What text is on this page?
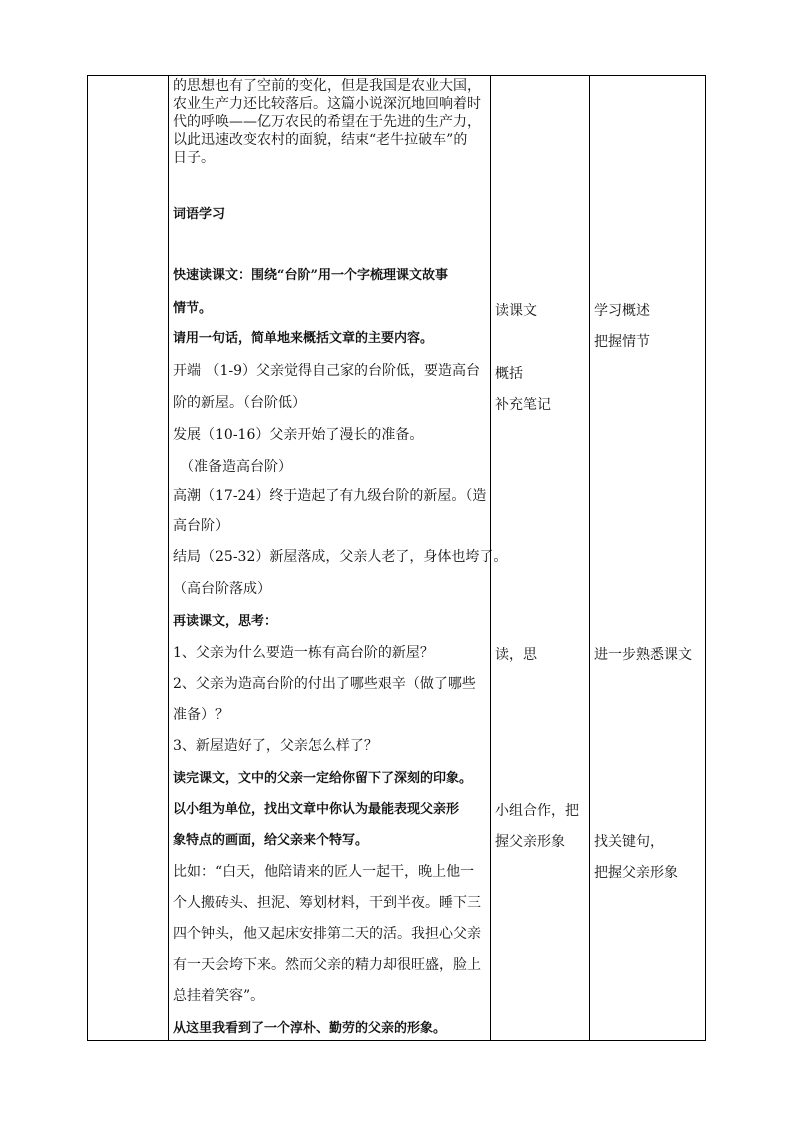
的思想也有了空前的变化，但是我国是农业大国，
农业生产力还比较落后。这篇小说深沉地回响着时
代的呼唤——亿万农民的希望在于先进的生产力，
以此迅速改变农村的面貌，结束“老牛拉破车”的
日子。
词语学习
快速读课文：围绕“台阶”用一个字梳理课文故事
情节。
请用一句话，简单地来概括文章的主要内容。
开端 （1-9）父亲觉得自己家的台阶低，要造高台
阶的新屋。（台阶低）
发展（10-16）父亲开始了漫长的准备。
　（准备造高台阶）
高潮（17-24）终于造起了有九级台阶的新屋。（造
高台阶）
结局（25-32）新屋落成，父亲人老了，身体也垮了。
（高台阶落成）
再读课文，思考：
1、父亲为什么要造一栋有高台阶的新屋？
2、父亲为造高台阶的付出了哪些艰辛（做了哪些
准备）？
3、新屋造好了，父亲怎么样了？
读完课文，文中的父亲一定给你留下了深刻的印象。
以小组为单位，找出文章中你认为最能表现父亲形
象特点的画面，给父亲来个特写。
比如：“白天，他陪请来的匠人一起干，晚上他一
个人搬砖头、担泥、筹划材料，干到半夜。睡下三
四个钟头，他又起床安排第二天的活。我担心父亲
有一天会垮下来。然而父亲的精力却很旺盛，脸上
总挂着笑容”。
从这里我看到了一个淳朴、勤劳的父亲的形象。
读课文
概括
补充笔记
读，思
小组合作，把
握父亲形象
学习概述
把握情节
进一步熟悉课文
找关键句，
把握父亲形象
